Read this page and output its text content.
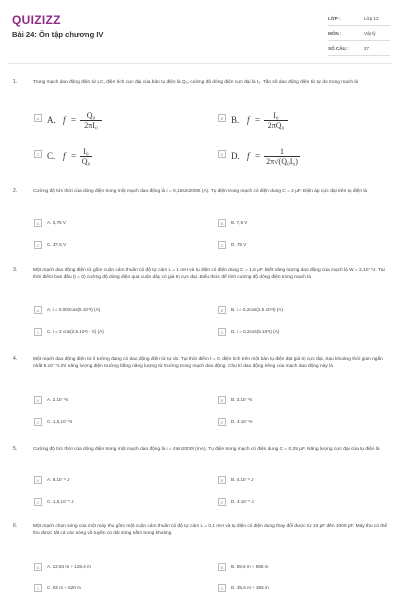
QUIZIZZ
Bài 24: Ôn tập chương IV
LỚP :	Lớp 12
MÔN :	Vật lý
SỐ CÂU :	27
1.	Trong mạch dao động điện từ LC, điện tích cực đại của bản tụ điện là Q₀, cường độ dòng điện cực đại là I₀. Tần số dao động điện từ tự do trong mạch là
A A. f =	Q₀
2πI₀
B B. f =	I₀
2πQ₀
C C. f = I₀
Q₀
D D. f =	1
2π√(Q₀I₀)
2.	Cường độ tức thời của dòng điện trong một mạch dao động là i = 0,15sin2000t (A). Tụ điện trong mạch có điện dung C = 2 μF. Điện áp cực đại trên tụ điện là
A	A. 3,75 V	B	B. 7,5 V
C	C. 37,5 V	D	D. 75 V
3.	Một mạch dao động điện từ gồm cuộn cảm thuần có độ tự cảm L = 1 mH và tụ điện có điện dung C = 1,6 μF. Biết năng lượng dao động của mạch là W = 2.10⁻⁵J. Tại thời điểm ban đầu (t = 0) cường độ dòng điện qua cuộn dây có giá trị cực đại. Biểu thức để tính cường độ dòng điện trong mạch là
A	A. i = 0,002cos(5.10⁴t) (A)	B	B. i = 0,2cos(2,5.10⁴t) (A)
C	C. i = 2 cos(2,5.10⁴t - π) (A)	D	D. i = 0,2cos(5.10⁴t) (A)
4.	Một mạch dao động điện từ lí tưởng đang có dao động điện từ tự do. Tại thời điểm t = 0, điện tích trên một bản tụ điện đạt giá trị cực đại. Sau khoảng thời gian ngắn nhất 5.10⁻⁷s thì năng lượng điện trường bằng năng lượng từ trường trong mạch dao động. Chu kì dao động riêng của mạch dao động này là
A	A. 2.10⁻⁶s	B	B. 3.10⁻⁶s
C	C. 1,5.10⁻⁶s	D	D. 4.10⁻⁶s
5.	Cường độ tức thời của dòng điện trong một mạch dao động là i = 4sin2000t (mA). Tụ điện trong mạch có điện dung C = 0,25 μF. Năng lượng cực đại của tụ điện là
A	A. 8.10⁻⁶ J	B	B. 4.10⁻⁶ J
C	C. 1,6.10⁻⁵ J	D	D. 4.10⁻⁵ J
6.	Một mạch chọn sóng của một máy thu gồm một cuộn cảm thuần có độ tự cảm L = 0,1 mH và tụ điện có điện dung thay đổi được từ 10 pF đến 1000 pF. Máy thu có thể thu được tất cả các sóng vô tuyến có dải sóng nằm trong khoảng
A	A. 12,84 m ÷ 128,4 m	B	B. 59,6 m ÷ 596 m
C	C. 62 m ÷ 620 m	D	D. 35,5 m ÷ 355 m
